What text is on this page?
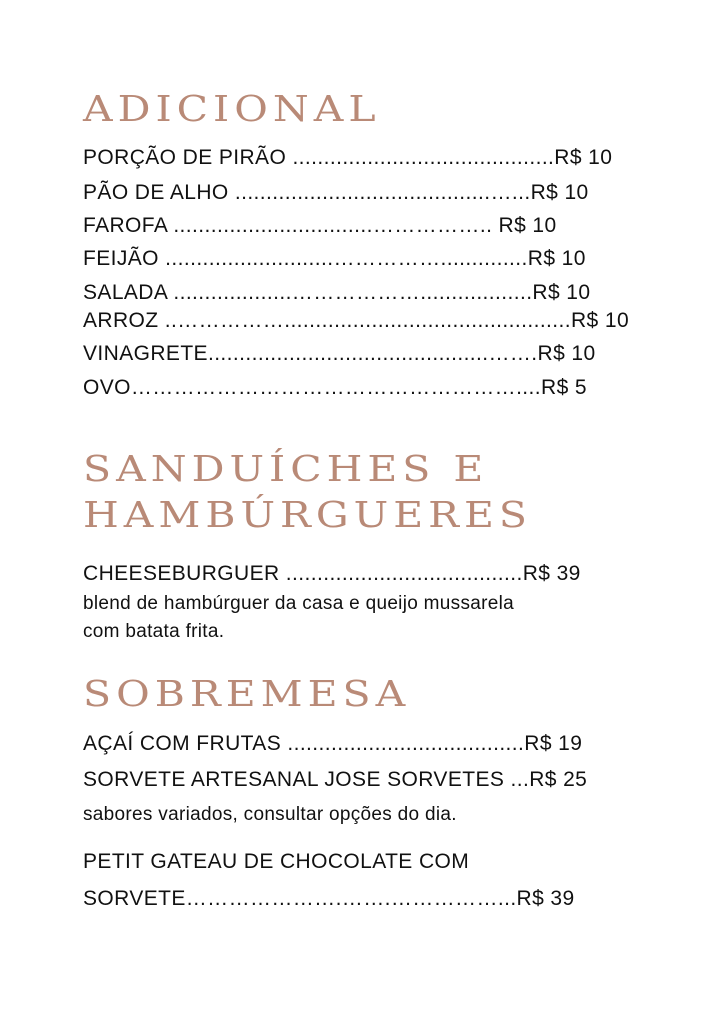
ADICIONAL

PORÇÃO DE PIRÃO ..........................................R$ 10

PÃO DE ALHO .........................................…...R$ 10

FAROFA ................................…………….. R$ 10

FEIJÃO ...........................……………..............R$ 10

SALADA ...................………………..................R$ 10

ARROZ ..……………..............................................R$ 10

VINAGRETE.............................................…….R$ 10

OVO………………………………………………....R$ 5

SANDUÍCHES E
HAMBÚRGUERES

CHEESEBURGUER ......................................R$ 39

blend de hambúrguer da casa e queijo mussarela

com batata frita.

SOBREMESA

AÇAÍ COM FRUTAS ......................................R$ 19

SORVETE ARTESANAL JOSE SORVETES ...R$ 25

sabores variados, consultar opções do dia.

PETIT GATEAU DE CHOCOLATE COM

SORVETE………………….…….……………...R$ 39
